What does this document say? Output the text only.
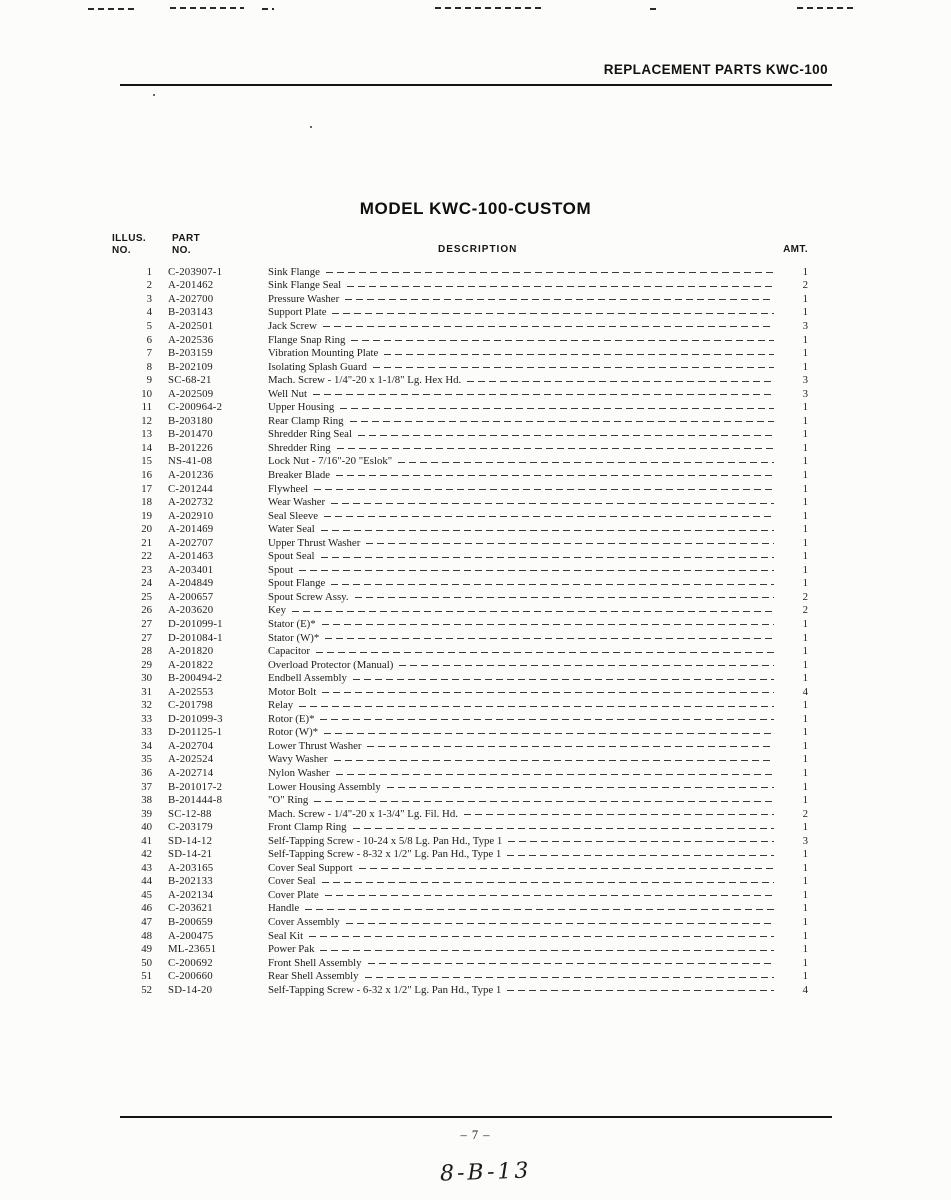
REPLACEMENT PARTS KWC-100
MODEL KWC-100-CUSTOM
ILLUS.
NO.
PART
NO.	DESCRIPTION	AMT.
1 C-203907-1	Sink Flange	1
2 A-201462	Sink Flange Seal	2
3 A-202700	Pressure Washer	1
4 B-203143	Support Plate	1
5 A-202501	Jack Screw	3
6 A-202536	Flange Snap Ring	1
7 B-203159	Vibration Mounting Plate	1
8 B-202109	Isolating Splash Guard	1
9 SC-68-21	Mach. Screw - 1/4"-20 x 1-1/8" Lg. Hex Hd.	3
10 A-202509	Well Nut	3
11 C-200964-2	Upper Housing	1
12 B-203180	Rear Clamp Ring	1
13 B-201470	Shredder Ring Seal	1
14 B-201226	Shredder Ring	1
15 NS-41-08	Lock Nut - 7/16"-20 "Eslok"	1
16 A-201236	Breaker Blade	1
17 C-201244	Flywheel	1
18 A-202732	Wear Washer	1
19 A-202910	Seal Sleeve	1
20 A-201469	Water Seal	1
21 A-202707	Upper Thrust Washer	1
22 A-201463	Spout Seal	1
23 A-203401	Spout	1
24 A-204849	Spout Flange	1
25 A-200657	Spout Screw Assy.	2
26 A-203620	Key	2
27 D-201099-1	Stator (E)*	1
27 D-201084-1	Stator (W)*	1
28 A-201820	Capacitor	1
29 A-201822	Overload Protector (Manual)	1
30 B-200494-2	Endbell Assembly	1
31 A-202553	Motor Bolt	4
32 C-201798	Relay	1
33 D-201099-3	Rotor (E)*	1
33 D-201125-1	Rotor (W)*	1
34 A-202704	Lower Thrust Washer	1
35 A-202524	Wavy Washer	1
36 A-202714	Nylon Washer	1
37 B-201017-2	Lower Housing Assembly	1
38 B-201444-8	"O" Ring	1
39 SC-12-88	Mach. Screw - 1/4"-20 x 1-3/4" Lg. Fil. Hd.	2
40 C-203179	Front Clamp Ring	1
41 SD-14-12	Self-Tapping Screw - 10-24 x 5/8 Lg. Pan Hd., Type 1	3
42 SD-14-21	Self-Tapping Screw - 8-32 x 1/2" Lg. Pan Hd., Type 1	1
43 A-203165	Cover Seal Support	1
44 B-202133	Cover Seal	1
45 A-202134	Cover Plate	1
46 C-203621	Handle	1
47 B-200659	Cover Assembly	1
48 A-200475	Seal Kit	1
49 ML-23651	Power Pak	1
50 C-200692	Front Shell Assembly	1
51 C-200660	Rear Shell Assembly	1
52 SD-14-20	Self-Tapping Screw - 6-32 x 1/2" Lg. Pan Hd., Type 1	4
– 7 –
8-B-13
